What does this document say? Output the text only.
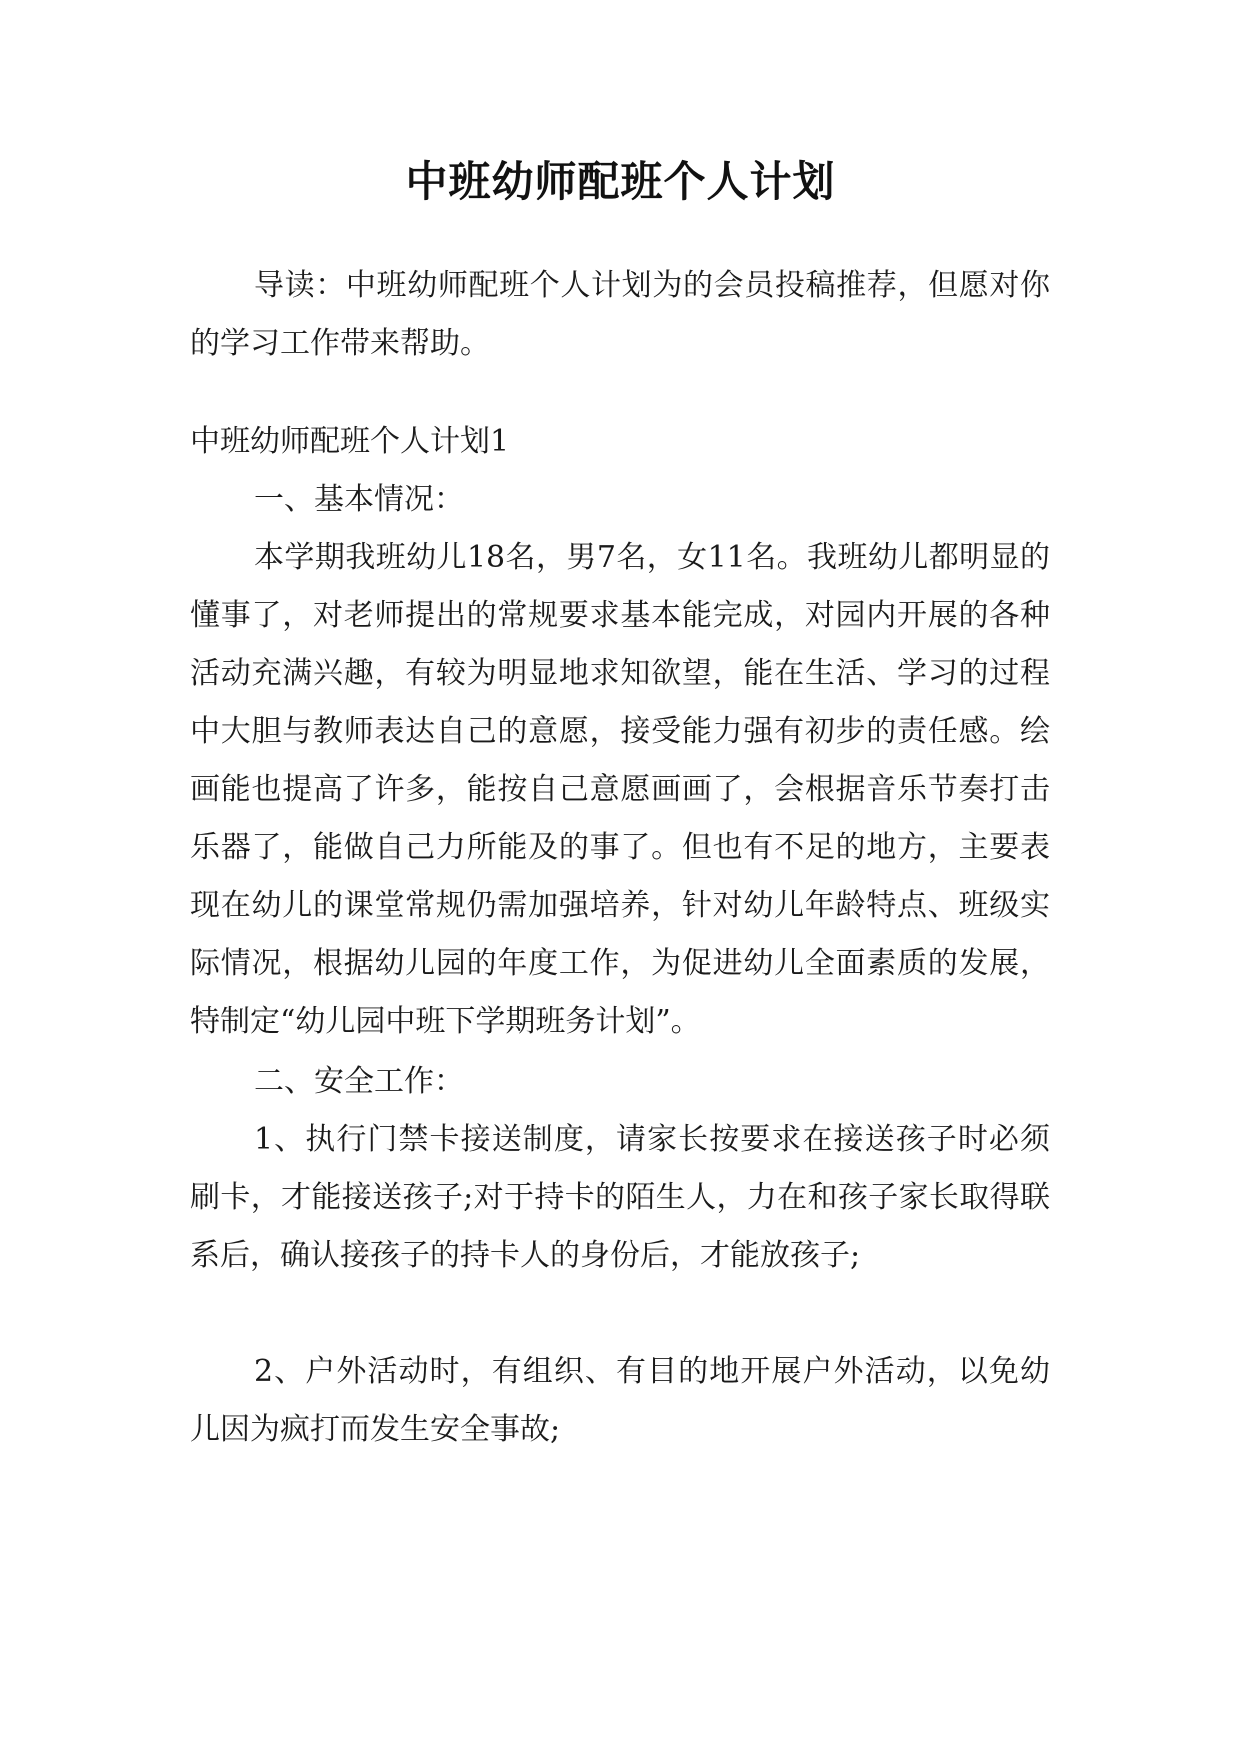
中班幼师配班个人计划

导读：中班幼师配班个人计划为的会员投稿推荐，但愿对你的学习工作带来帮助。

中班幼师配班个人计划1

一、基本情况：

本学期我班幼儿18名，男7名，女11名。我班幼儿都明显的懂事了，对老师提出的常规要求基本能完成，对园内开展的各种活动充满兴趣，有较为明显地求知欲望，能在生活、学习的过程中大胆与教师表达自己的意愿，接受能力强有初步的责任感。绘画能也提高了许多，能按自己意愿画画了，会根据音乐节奏打击乐器了，能做自己力所能及的事了。但也有不足的地方，主要表现在幼儿的课堂常规仍需加强培养，针对幼儿年龄特点、班级实际情况，根据幼儿园的年度工作，为促进幼儿全面素质的发展，特制定“幼儿园中班下学期班务计划”。

二、安全工作：

1、执行门禁卡接送制度，请家长按要求在接送孩子时必须刷卡，才能接送孩子;对于持卡的陌生人，力在和孩子家长取得联系后，确认接孩子的持卡人的身份后，才能放孩子;

2、户外活动时，有组织、有目的地开展户外活动，以免幼儿因为疯打而发生安全事故;
